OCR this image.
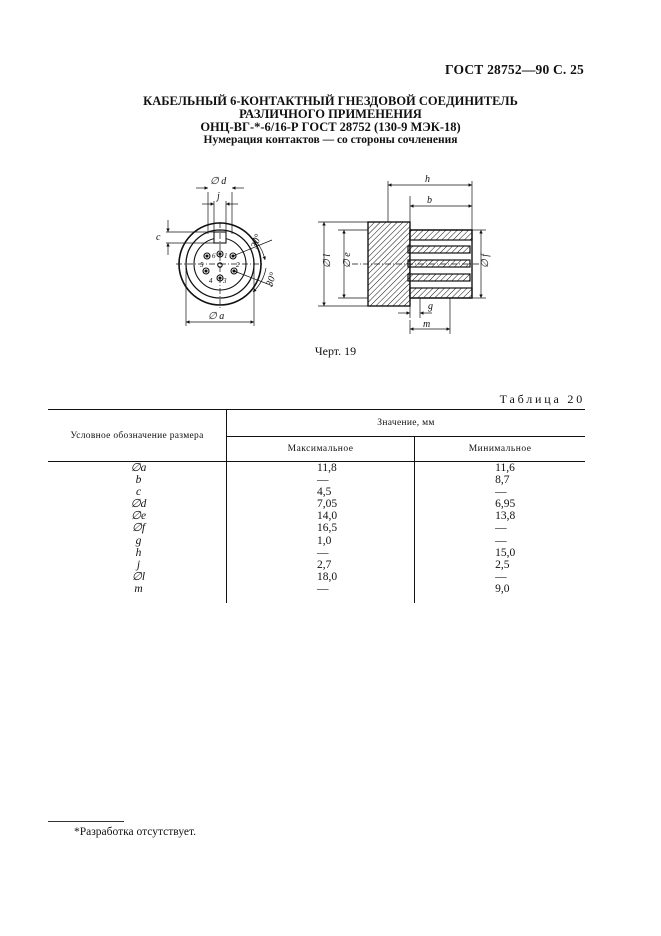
ГОСТ 28752—90 С. 25
КАБЕЛЬНЫЙ 6-КОНТАКТНЫЙ ГНЕЗДОВОЙ СОЕДИНИТЕЛЬ
РАЗЛИЧНОГО ПРИМЕНЕНИЯ
ОНЦ-ВГ-*-6/16-Р ГОСТ 28752 (130-9 МЭК-18)
Нумерация контактов — со стороны сочленения
∅ d
j
c
∅ a
30°
30°
1
2
3
4
5
6
h
b
∅ l ∅ e	∅ f
g
m
Черт. 19
Таблица 20
Условное обозначение размера	Значение, мм	
	Максимальное	Минимальное
∅a	11,8	11,6
b	—	8,7
c	4,5	—
∅d	7,05	6,95
∅e	14,0	13,8
∅f	16,5	—
g	1,0	—
h	—	15,0
j	2,7	2,5
∅l	18,0	—
m	—	9,0

*Разработка отсутствует.
